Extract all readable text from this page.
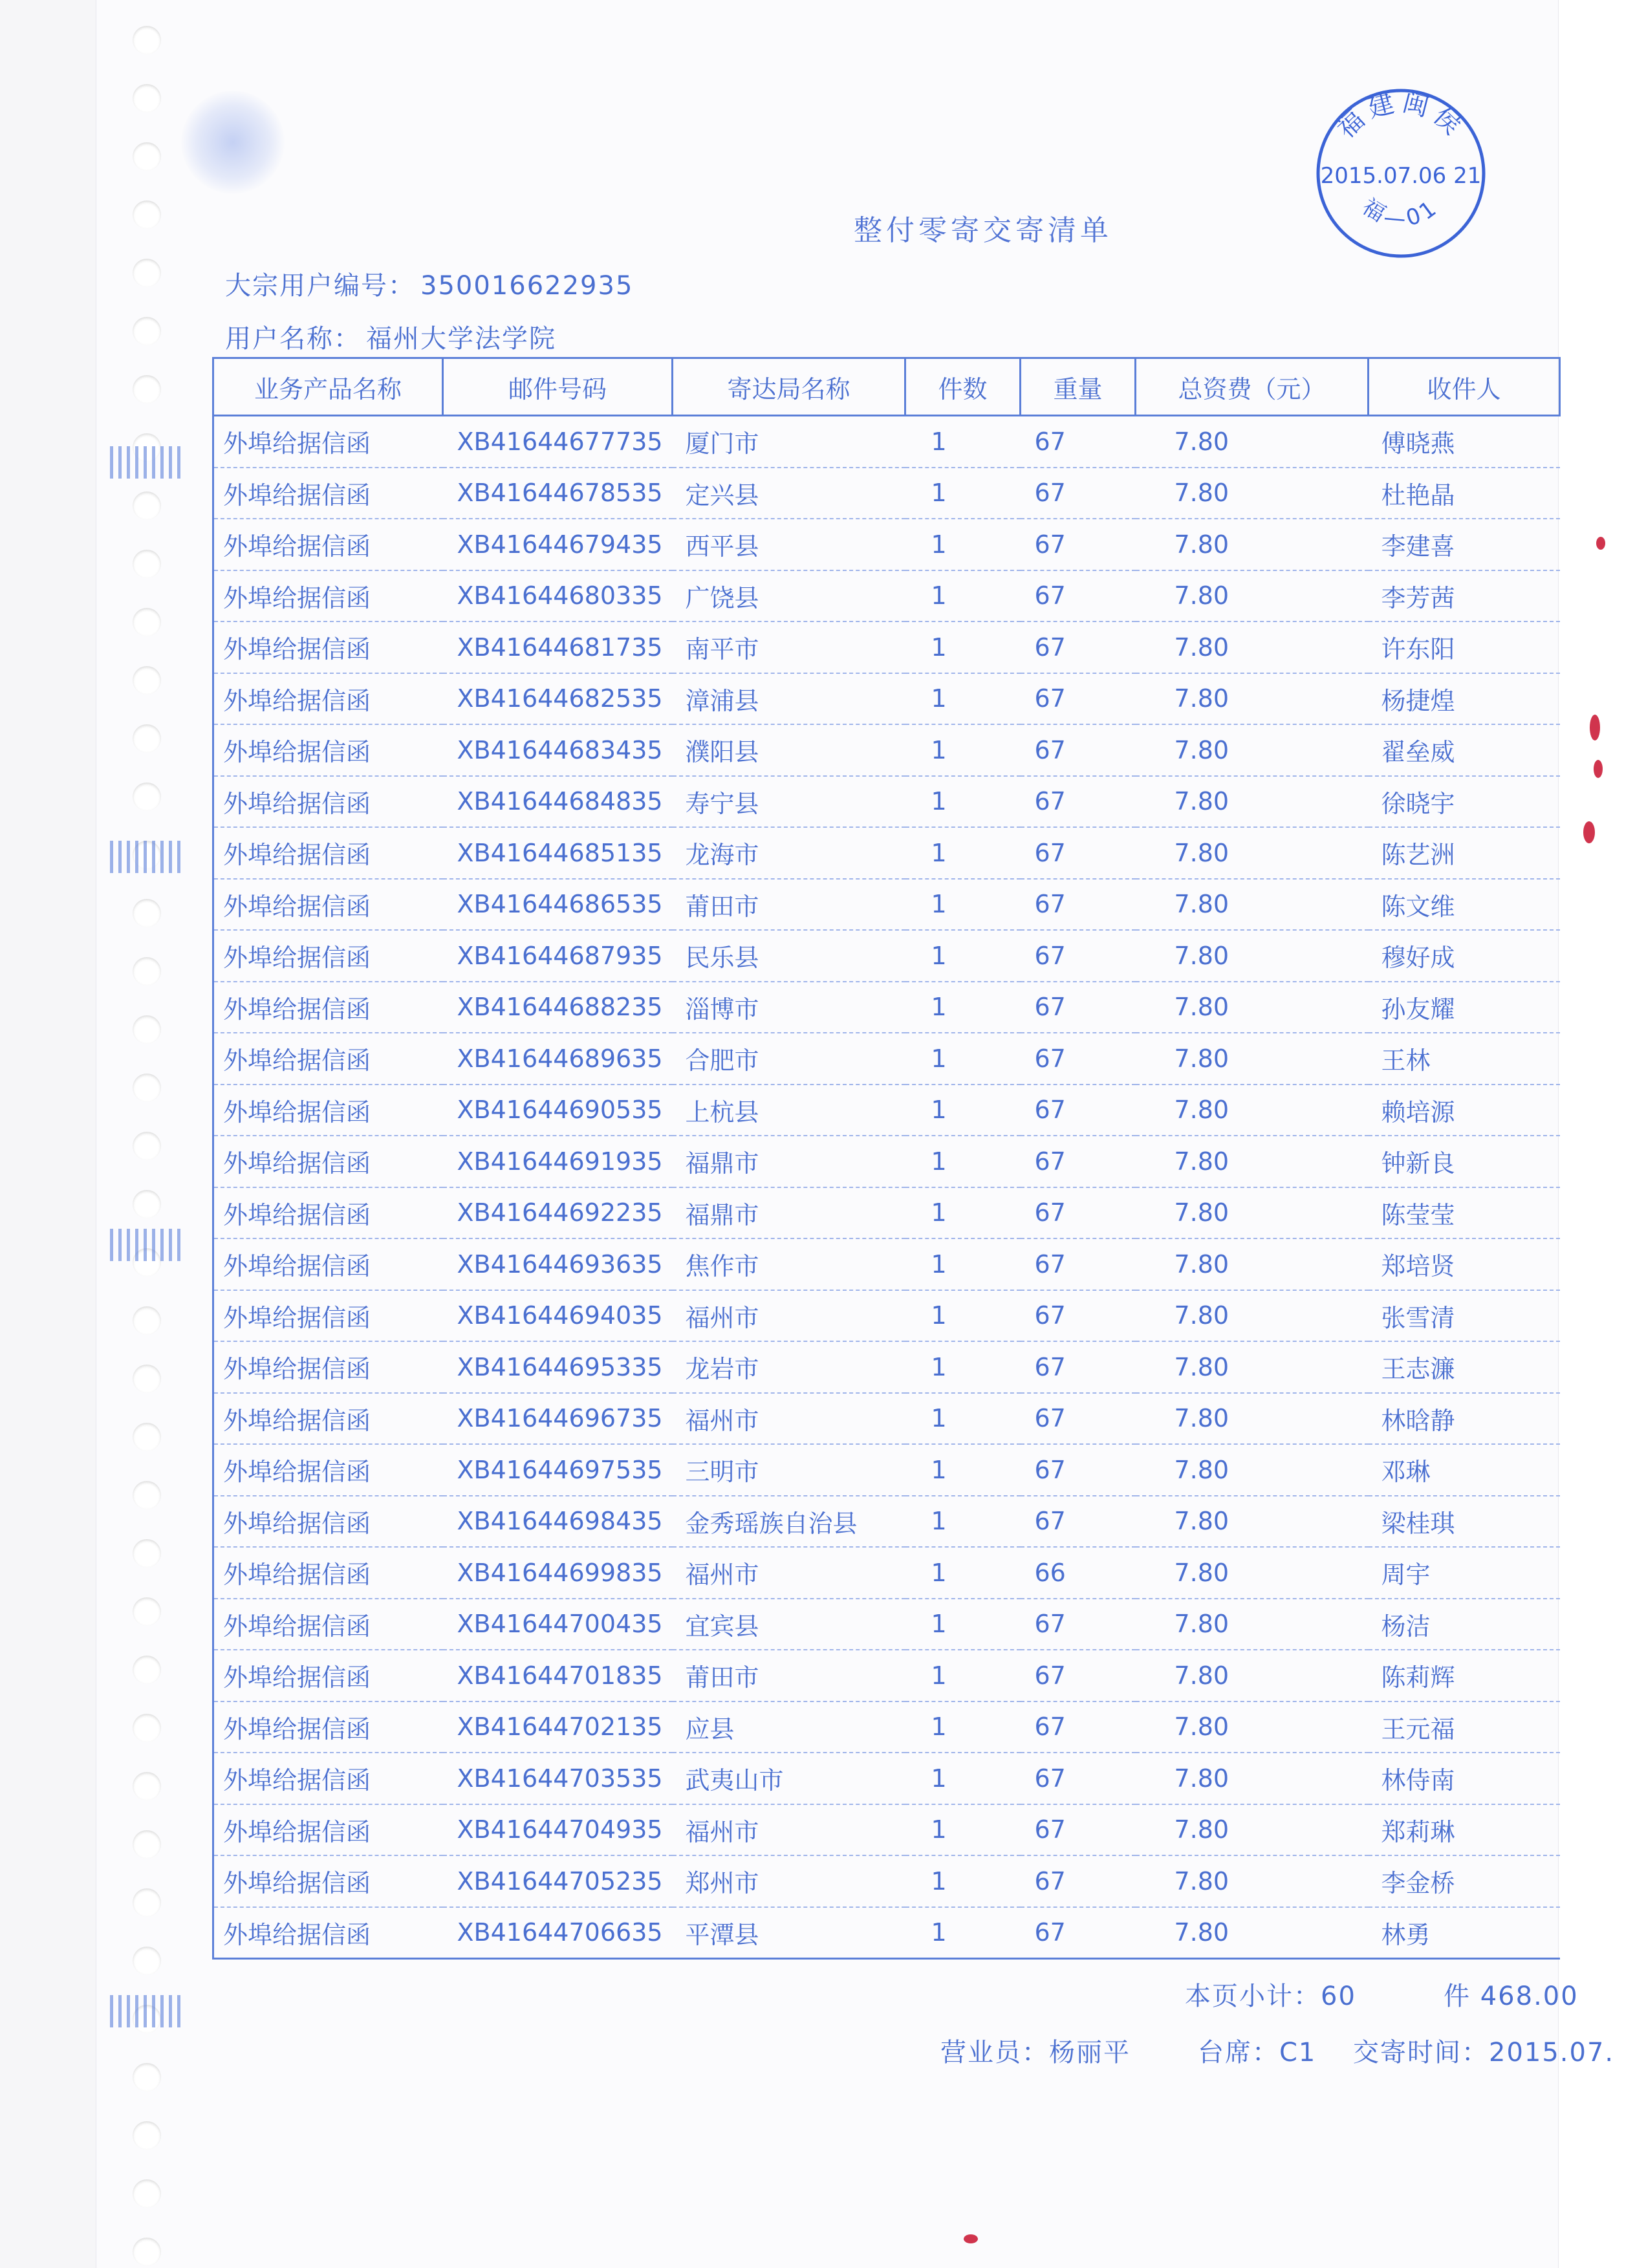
整付零寄交寄清单
大宗用户编号： 350016622935
用户名称： 福州大学法学院
福建闽侯
2015.07.06 21
福—01
业务产品名称	邮件号码	寄达局名称	件数	重量	总资费（元）	收件人
外埠给据信函	XB41644677735	厦门市	1	67	7.80	傅晓燕
外埠给据信函	XB41644678535	定兴县	1	67	7.80	杜艳晶
外埠给据信函	XB41644679435	西平县	1	67	7.80	李建喜
外埠给据信函	XB41644680335	广饶县	1	67	7.80	李芳茜
外埠给据信函	XB41644681735	南平市	1	67	7.80	许东阳
外埠给据信函	XB41644682535	漳浦县	1	67	7.80	杨捷煌
外埠给据信函	XB41644683435	濮阳县	1	67	7.80	翟垒威
外埠给据信函	XB41644684835	寿宁县	1	67	7.80	徐晓宇
外埠给据信函	XB41644685135	龙海市	1	67	7.80	陈艺洲
外埠给据信函	XB41644686535	莆田市	1	67	7.80	陈文维
外埠给据信函	XB41644687935	民乐县	1	67	7.80	穆好成
外埠给据信函	XB41644688235	淄博市	1	67	7.80	孙友耀
外埠给据信函	XB41644689635	合肥市	1	67	7.80	王林
外埠给据信函	XB41644690535	上杭县	1	67	7.80	赖培源
外埠给据信函	XB41644691935	福鼎市	1	67	7.80	钟新良
外埠给据信函	XB41644692235	福鼎市	1	67	7.80	陈莹莹
外埠给据信函	XB41644693635	焦作市	1	67	7.80	郑培贤
外埠给据信函	XB41644694035	福州市	1	67	7.80	张雪清
外埠给据信函	XB41644695335	龙岩市	1	67	7.80	王志濂
外埠给据信函	XB41644696735	福州市	1	67	7.80	林晗静
外埠给据信函	XB41644697535	三明市	1	67	7.80	邓琳
外埠给据信函	XB41644698435	金秀瑶族自治县	1	67	7.80	梁桂琪
外埠给据信函	XB41644699835	福州市	1	66	7.80	周宇
外埠给据信函	XB41644700435	宜宾县	1	67	7.80	杨洁
外埠给据信函	XB41644701835	莆田市	1	67	7.80	陈莉辉
外埠给据信函	XB41644702135	应县	1	67	7.80	王元福
外埠给据信函	XB41644703535	武夷山市	1	67	7.80	林侍南
外埠给据信函	XB41644704935	福州市	1	67	7.80	郑莉琳
外埠给据信函	XB41644705235	郑州市	1	67	7.80	李金桥
外埠给据信函	XB41644706635	平潭县	1	67	7.80	林勇
本页小计：60	件 468.00
营业员：杨丽平	台席：C1 交寄时间：2015.07.
